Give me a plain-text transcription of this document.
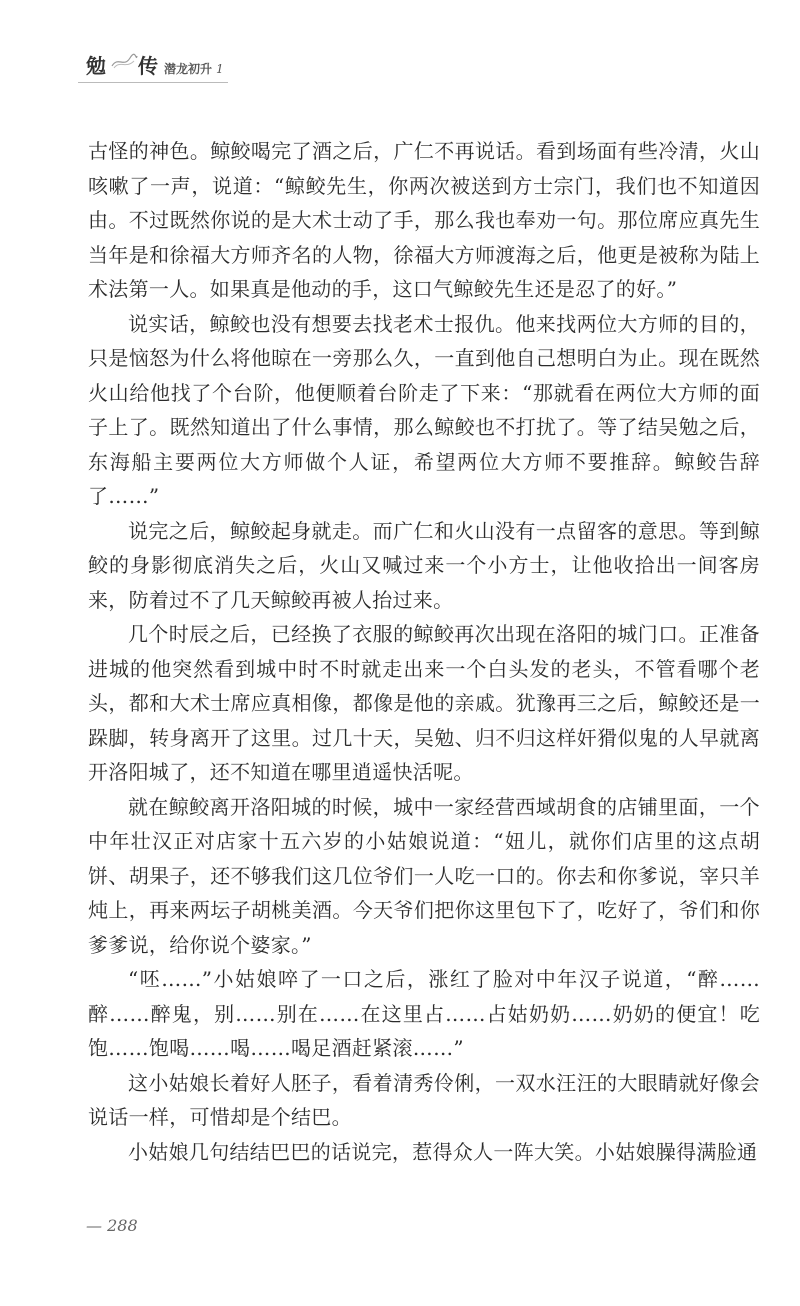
勉 传 潜龙初升 1

古怪的神色。鲸鲛喝完了酒之后，广仁不再说话。看到场面有些冷清，火山咳嗽了一声，说道：“鲸鲛先生，你两次被送到方士宗门，我们也不知道因由。不过既然你说的是大术士动了手，那么我也奉劝一句。那位席应真先生当年是和徐福大方师齐名的人物，徐福大方师渡海之后，他更是被称为陆上术法第一人。如果真是他动的手，这口气鲸鲛先生还是忍了的好。”

说实话，鲸鲛也没有想要去找老术士报仇。他来找两位大方师的目的，只是恼怒为什么将他晾在一旁那么久，一直到他自己想明白为止。现在既然火山给他找了个台阶，他便顺着台阶走了下来：“那就看在两位大方师的面子上了。既然知道出了什么事情，那么鲸鲛也不打扰了。等了结吴勉之后，东海船主要两位大方师做个人证，希望两位大方师不要推辞。鲸鲛告辞了……”

说完之后，鲸鲛起身就走。而广仁和火山没有一点留客的意思。等到鲸鲛的身影彻底消失之后，火山又喊过来一个小方士，让他收拾出一间客房来，防着过不了几天鲸鲛再被人抬过来。

几个时辰之后，已经换了衣服的鲸鲛再次出现在洛阳的城门口。正准备进城的他突然看到城中时不时就走出来一个白头发的老头，不管看哪个老头，都和大术士席应真相像，都像是他的亲戚。犹豫再三之后，鲸鲛还是一跺脚，转身离开了这里。过几十天，吴勉、归不归这样奸猾似鬼的人早就离开洛阳城了，还不知道在哪里逍遥快活呢。

就在鲸鲛离开洛阳城的时候，城中一家经营西域胡食的店铺里面，一个中年壮汉正对店家十五六岁的小姑娘说道：“妞儿，就你们店里的这点胡饼、胡果子，还不够我们这几位爷们一人吃一口的。你去和你爹说，宰只羊炖上，再来两坛子胡桃美酒。今天爷们把你这里包下了，吃好了，爷们和你爹爹说，给你说个婆家。”

“呸……”小姑娘啐了一口之后，涨红了脸对中年汉子说道，“醉……醉……醉鬼，别……别在……在这里占……占姑奶奶……奶奶的便宜！吃饱……饱喝……喝……喝足酒赶紧滚……”

这小姑娘长着好人胚子，看着清秀伶俐，一双水汪汪的大眼睛就好像会说话一样，可惜却是个结巴。

小姑娘几句结结巴巴的话说完，惹得众人一阵大笑。小姑娘臊得满脸通

— 288
